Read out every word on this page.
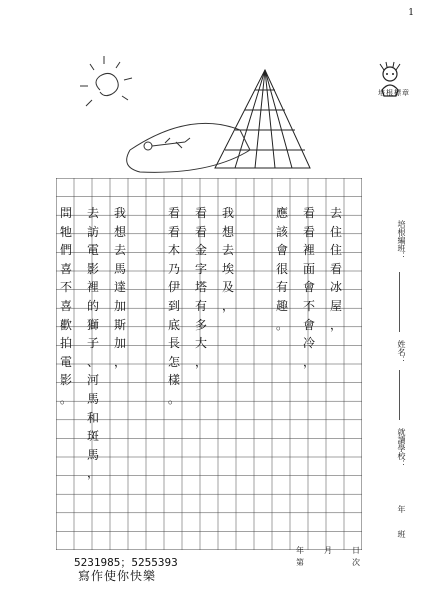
1
培根標章
去
住
住
看
冰
屋
，
看
看
裡
面
會
不
會
冷
，
應
該
會
很
有
趣
。
我
想
去
埃
及
，
看
看
金
字
塔
有
多
大
，
看
看
木
乃
伊
到
底
長
怎
樣
。
我
想
去
馬
達
加
斯
加
，
去
訪
電
影
裡
的
獅
子
、
河
馬
和
斑
馬
，
問
牠
們
喜
不
喜
歡
拍
電
影
。
培根編班：
姓名：
就讀學校：
年
班
年	月	日
第	次
5231985；5255393
寫作使你快樂
